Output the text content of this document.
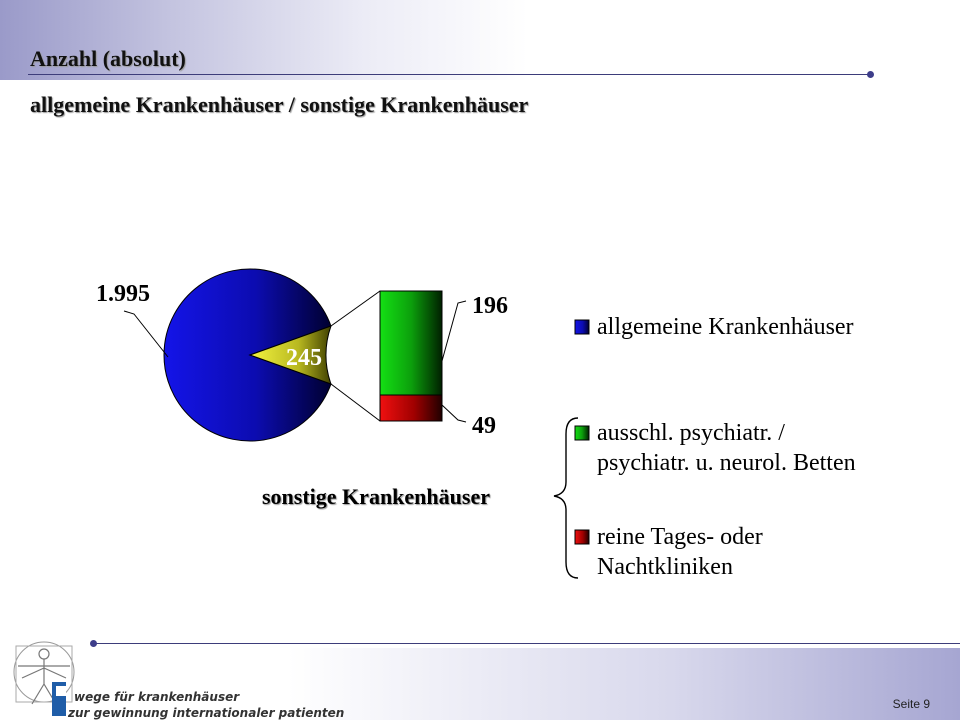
Anzahl (absolut)
allgemeine Krankenhäuser / sonstige Krankenhäuser
1.995
245
196
49
sonstige Krankenhäuser
allgemeine Krankenhäuser
ausschl. psychiatr. /
psychiatr. u. neurol. Betten
reine Tages- oder
Nachtkliniken
wege für krankenhäuser
zur gewinnung internationaler patienten
Seite 9
